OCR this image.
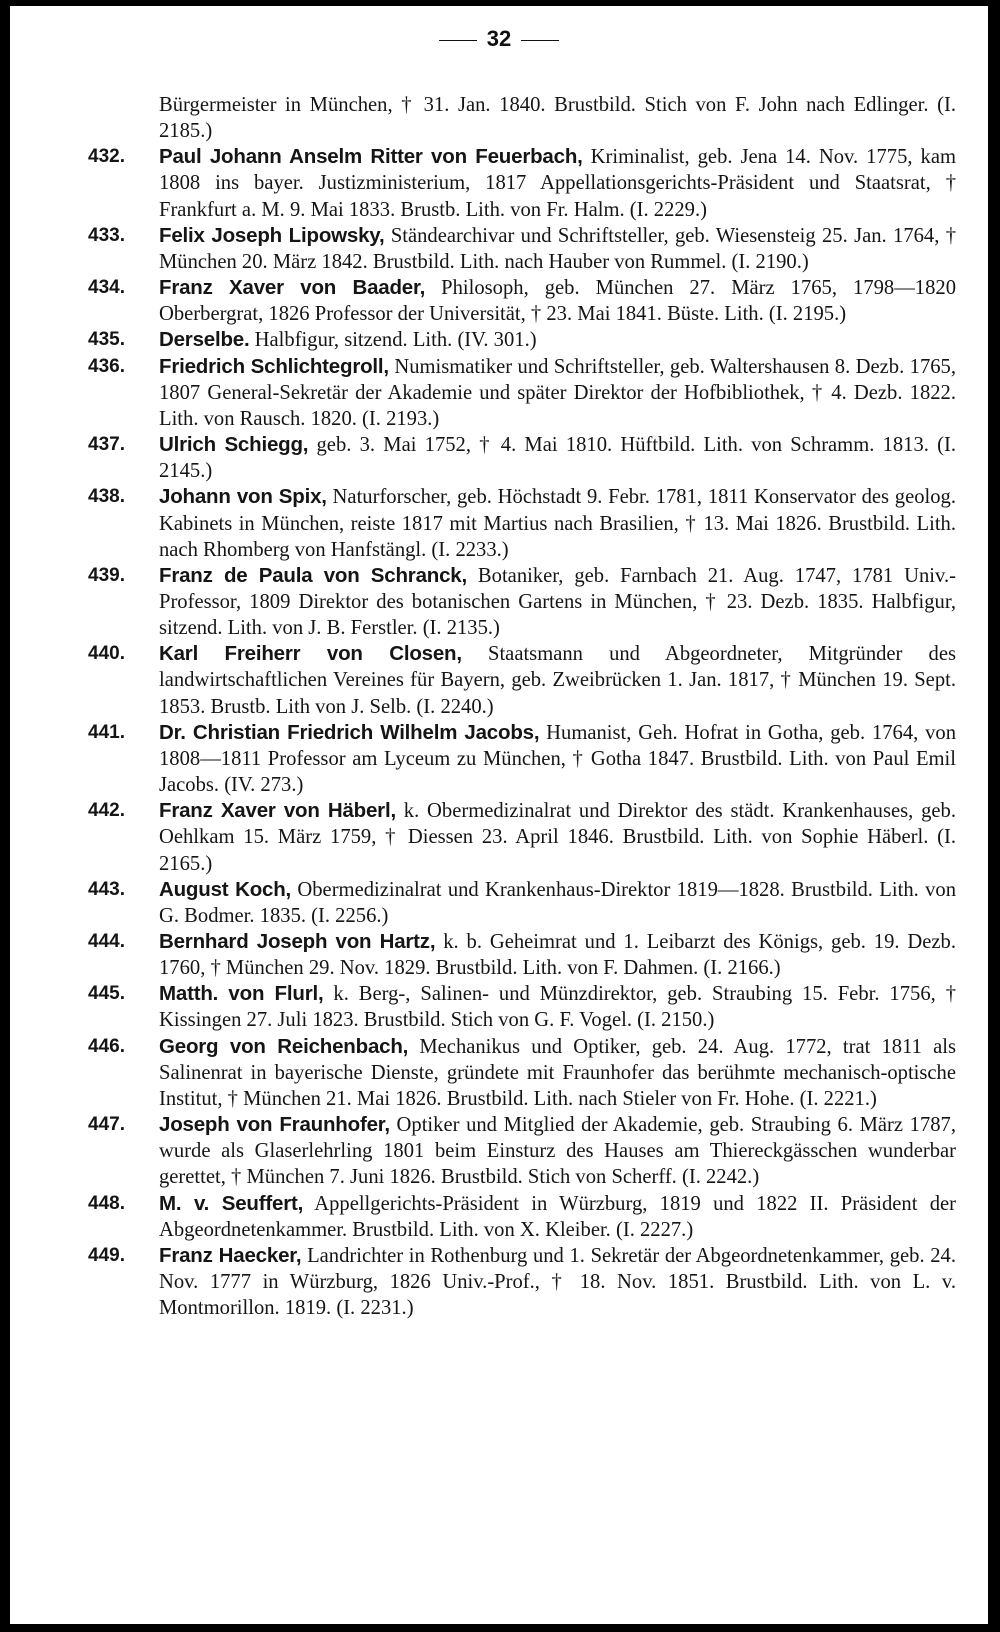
32
Bürgermeister in München, † 31. Jan. 1840. Brustbild. Stich von F. John nach Edlinger. (I. 2185.)
432.	Paul Johann Anselm Ritter von Feuerbach, Kriminalist, geb. Jena 14. Nov. 1775, kam 1808 ins bayer. Justizministerium, 1817 Appellationsgerichts-Präsident und Staatsrat, † Frankfurt a. M. 9. Mai 1833. Brustb. Lith. von Fr. Halm. (I. 2229.)
433.	Felix Joseph Lipowsky, Ständearchivar und Schriftsteller, geb. Wiesensteig 25. Jan. 1764, † München 20. März 1842. Brustbild. Lith. nach Hauber von Rummel. (I. 2190.)
434.	Franz Xaver von Baader, Philosoph, geb. München 27. März 1765, 1798—1820 Oberbergrat, 1826 Professor der Universität, † 23. Mai 1841. Büste. Lith. (I. 2195.)
435.	Derselbe. Halbfigur, sitzend. Lith. (IV. 301.)
436.	Friedrich Schlichtegroll, Numismatiker und Schriftsteller, geb. Waltershausen 8. Dezb. 1765, 1807 General-Sekretär der Akademie und später Direktor der Hofbibliothek, † 4. Dezb. 1822. Lith. von Rausch. 1820. (I. 2193.)
437.	Ulrich Schiegg, geb. 3. Mai 1752, † 4. Mai 1810. Hüftbild. Lith. von Schramm. 1813. (I. 2145.)
438.	Johann von Spix, Naturforscher, geb. Höchstadt 9. Febr. 1781, 1811 Konservator des geolog. Kabinets in München, reiste 1817 mit Martius nach Brasilien, † 13. Mai 1826. Brustbild. Lith. nach Rhomberg von Hanfstängl. (I. 2233.)
439.	Franz de Paula von Schranck, Botaniker, geb. Farnbach 21. Aug. 1747, 1781 Univ.-Professor, 1809 Direktor des botanischen Gartens in München, † 23. Dezb. 1835. Halbfigur, sitzend. Lith. von J. B. Ferstler. (I. 2135.)
440.	Karl Freiherr von Closen, Staatsmann und Abgeordneter, Mitgründer des landwirtschaftlichen Vereines für Bayern, geb. Zweibrücken 1. Jan. 1817, † München 19. Sept. 1853. Brustb. Lith von J. Selb. (I. 2240.)
441.	Dr. Christian Friedrich Wilhelm Jacobs, Humanist, Geh. Hofrat in Gotha, geb. 1764, von 1808—1811 Professor am Lyceum zu München, † Gotha 1847. Brustbild. Lith. von Paul Emil Jacobs. (IV. 273.)
442.	Franz Xaver von Häberl, k. Obermedizinalrat und Direktor des städt. Krankenhauses, geb. Oehlkam 15. März 1759, † Diessen 23. April 1846. Brustbild. Lith. von Sophie Häberl. (I. 2165.)
443.	August Koch, Obermedizinalrat und Krankenhaus-Direktor 1819—1828. Brustbild. Lith. von G. Bodmer. 1835. (I. 2256.)
444.	Bernhard Joseph von Hartz, k. b. Geheimrat und 1. Leibarzt des Königs, geb. 19. Dezb. 1760, † München 29. Nov. 1829. Brustbild. Lith. von F. Dahmen. (I. 2166.)
445.	Matth. von Flurl, k. Berg-, Salinen- und Münzdirektor, geb. Straubing 15. Febr. 1756, † Kissingen 27. Juli 1823. Brustbild. Stich von G. F. Vogel. (I. 2150.)
446.	Georg von Reichenbach, Mechanikus und Optiker, geb. 24. Aug. 1772, trat 1811 als Salinenrat in bayerische Dienste, gründete mit Fraunhofer das berühmte mechanisch-optische Institut, † München 21. Mai 1826. Brustbild. Lith. nach Stieler von Fr. Hohe. (I. 2221.)
447.	Joseph von Fraunhofer, Optiker und Mitglied der Akademie, geb. Straubing 6. März 1787, wurde als Glaserlehrling 1801 beim Einsturz des Hauses am Thiereckgässchen wunderbar gerettet, † München 7. Juni 1826. Brustbild. Stich von Scherff. (I. 2242.)
448.	M. v. Seuffert, Appellgerichts-Präsident in Würzburg, 1819 und 1822 II. Präsident der Abgeordnetenkammer. Brustbild. Lith. von X. Kleiber. (I. 2227.)
449.	Franz Haecker, Landrichter in Rothenburg und 1. Sekretär der Abgeordnetenkammer, geb. 24. Nov. 1777 in Würzburg, 1826 Univ.-Prof., † 18. Nov. 1851. Brustbild. Lith. von L. v. Montmorillon. 1819. (I. 2231.)
